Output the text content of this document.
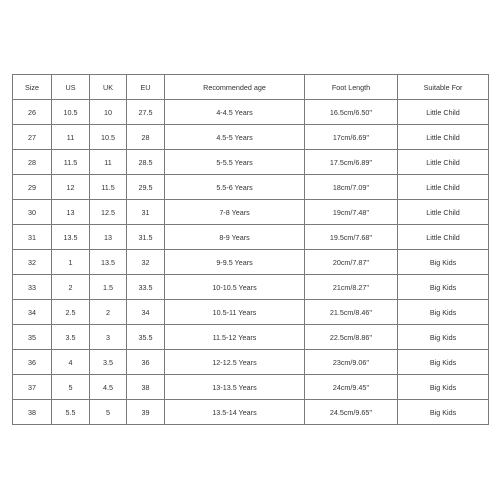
Size	US	UK	EU	Recommended age	Foot Length	Suitable For
26	10.5	10	27.5	4-4.5 Years	16.5cm/6.50''	Little Child
27	11	10.5	28	4.5-5 Years	17cm/6.69''	Little Child
28	11.5	11	28.5	5-5.5 Years	17.5cm/6.89''	Little Child
29	12	11.5	29.5	5.5-6 Years	18cm/7.09''	Little Child
30	13	12.5	31	7-8 Years	19cm/7.48''	Little Child
31	13.5	13	31.5	8-9 Years	19.5cm/7.68''	Little Child
32	1	13.5	32	9-9.5 Years	20cm/7.87''	Big Kids
33	2	1.5	33.5	10-10.5 Years	21cm/8.27''	Big Kids
34	2.5	2	34	10.5-11 Years	21.5cm/8.46''	Big Kids
35	3.5	3	35.5	11.5-12 Years	22.5cm/8.86''	Big Kids
36	4	3.5	36	12-12.5 Years	23cm/9.06''	Big Kids
37	5	4.5	38	13-13.5 Years	24cm/9.45''	Big Kids
38	5.5	5	39	13.5-14 Years	24.5cm/9.65''	Big Kids
